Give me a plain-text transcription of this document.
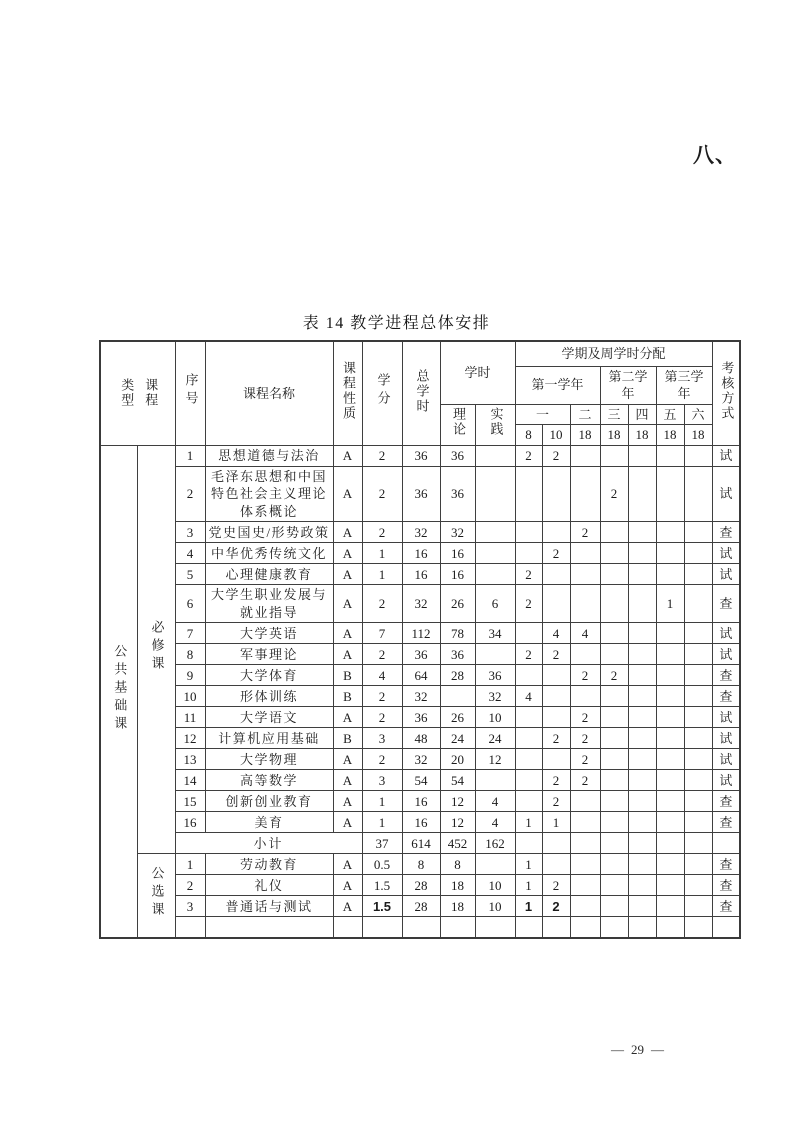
八、
表 14 教学进程总体安排
类型 课程		序号	课程名称	课程性质	学分	总学时	学时		学期及周学时分配							考核方式
									第一学年			第二学年		第三学年		
							理论	实践	一		二	三	四	五	六	
									8	10	18	18	18	18	18	
公共基础课	必修课	1	思想道德与法治	A	2	36	36		2	2						试
		2	毛泽东思想和中国特色社会主义理论体系概论	A	2	36	36					2				试
		3	党史国史/形势政策	A	2	32	32				2					查
		4	中华优秀传统文化	A	1	16	16			2						试
		5	心理健康教育	A	1	16	16		2							试
		6	大学生职业发展与就业指导	A	2	32	26	6	2					1		查
		7	大学英语	A	7	112	78	34		4	4					试
		8	军事理论	A	2	36	36		2	2						试
		9	大学体育	B	4	64	28	36			2	2				查
		10	形体训练	B	2	32		32	4							查
		11	大学语文	A	2	36	26	10			2					试
		12	计算机应用基础	B	3	48	24	24		2	2					试
		13	大学物理	A	2	32	20	12			2					试
		14	高等数学	A	3	54	54			2	2					试
		15	创新创业教育	A	1	16	12	4		2						查
		16	美育	A	1	16	12	4	1	1						查
		小计			37	614	452	162								
	公选课	1	劳动教育	A	0.5	8	8		1							查
		2	礼仪	A	1.5	28	18	10	1	2						查
		3	普通话与测试	A	1.5	28	18	10	1	2						查

— 29 —
